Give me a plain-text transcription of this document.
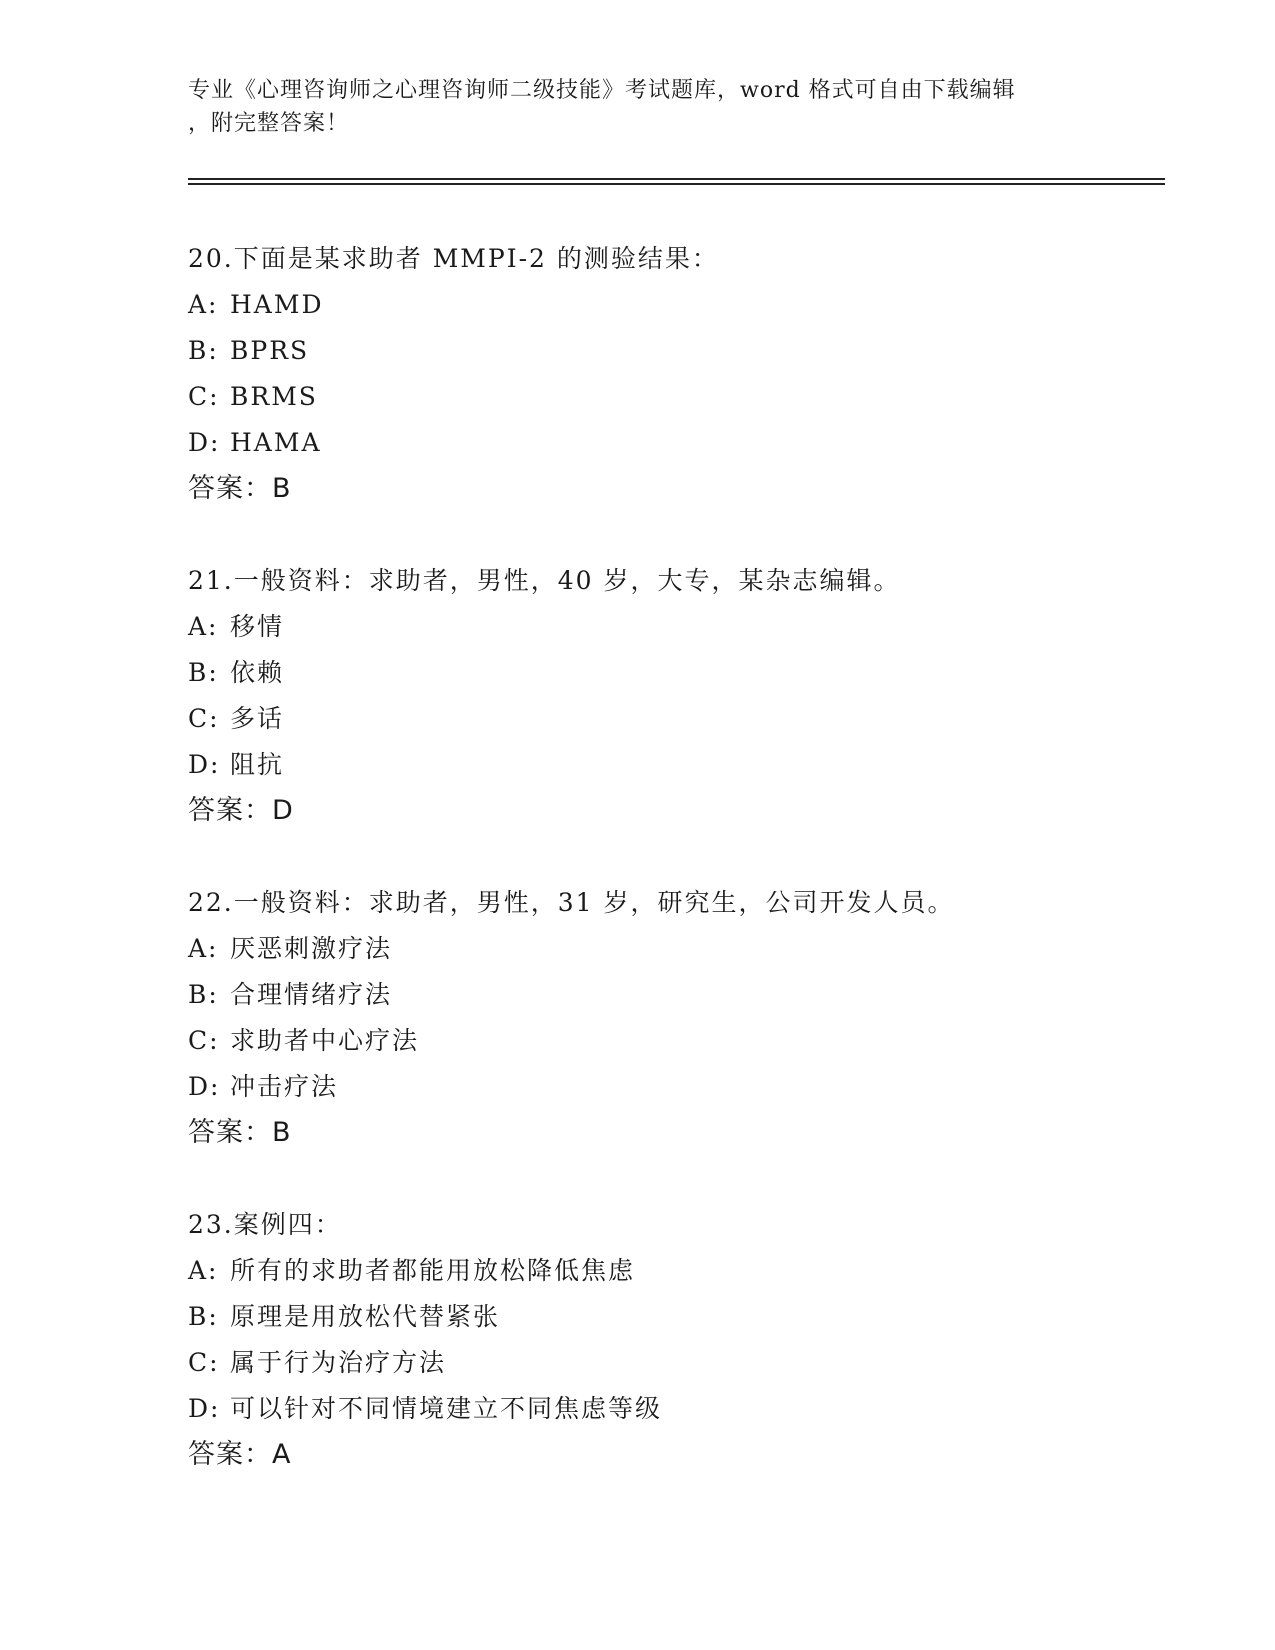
专业《心理咨询师之心理咨询师二级技能》考试题库，word 格式可自由下载编辑
，附完整答案！
20.下面是某求助者 MMPI-2 的测验结果：
A: HAMD
B: BPRS
C: BRMS
D: HAMA
答案：B
21.一般资料：求助者，男性，40 岁，大专，某杂志编辑。
A: 移情
B: 依赖
C: 多话
D: 阻抗
答案：D
22.一般资料：求助者，男性，31 岁，研究生，公司开发人员。
A: 厌恶刺激疗法
B: 合理情绪疗法
C: 求助者中心疗法
D: 冲击疗法
答案：B
23.案例四：
A: 所有的求助者都能用放松降低焦虑
B: 原理是用放松代替紧张
C: 属于行为治疗方法
D: 可以针对不同情境建立不同焦虑等级
答案：A
